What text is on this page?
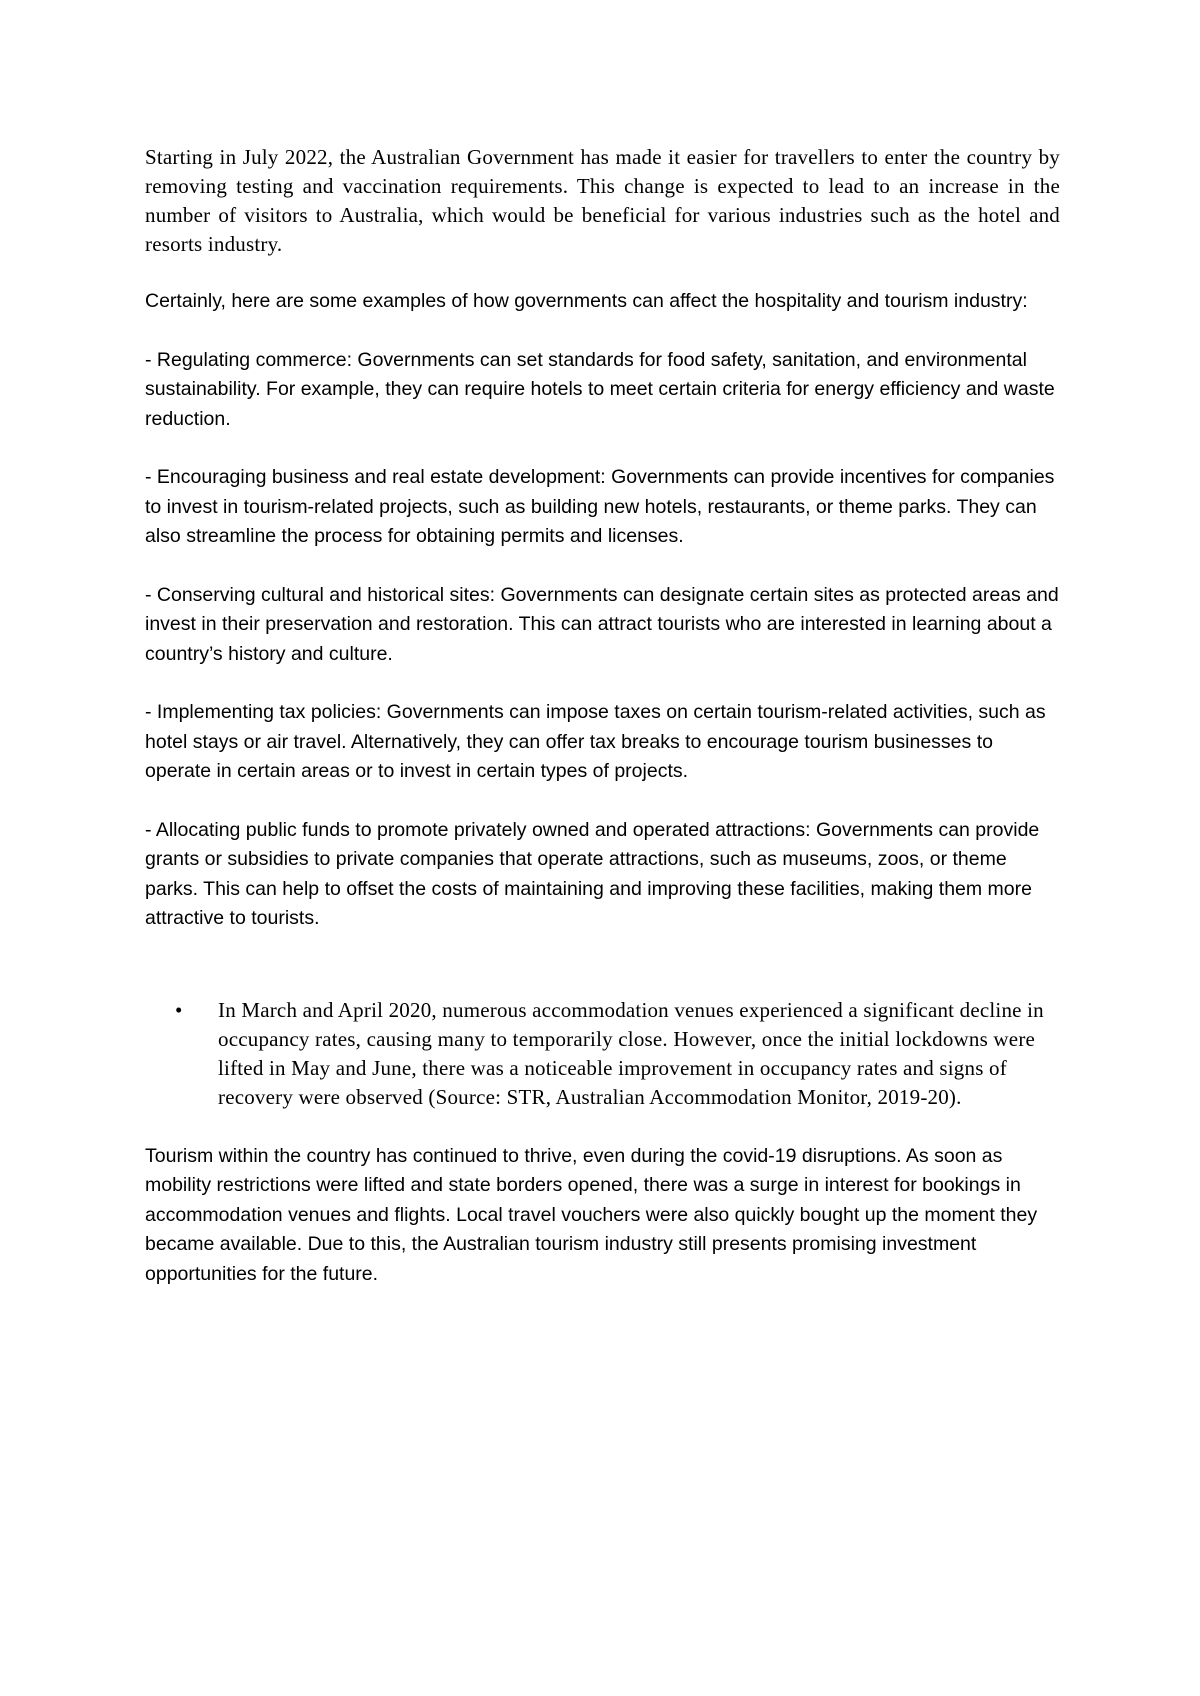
Starting in July 2022, the Australian Government has made it easier for travellers to enter the country by removing testing and vaccination requirements. This change is expected to lead to an increase in the number of visitors to Australia, which would be beneficial for various industries such as the hotel and resorts industry.

Certainly, here are some examples of how governments can affect the hospitality and tourism industry:

- Regulating commerce: Governments can set standards for food safety, sanitation, and environmental sustainability. For example, they can require hotels to meet certain criteria for energy efficiency and waste reduction.

- Encouraging business and real estate development: Governments can provide incentives for companies to invest in tourism-related projects, such as building new hotels, restaurants, or theme parks. They can also streamline the process for obtaining permits and licenses.

- Conserving cultural and historical sites: Governments can designate certain sites as protected areas and invest in their preservation and restoration. This can attract tourists who are interested in learning about a country’s history and culture.

- Implementing tax policies: Governments can impose taxes on certain tourism-related activities, such as hotel stays or air travel. Alternatively, they can offer tax breaks to encourage tourism businesses to operate in certain areas or to invest in certain types of projects.

- Allocating public funds to promote privately owned and operated attractions: Governments can provide grants or subsidies to private companies that operate attractions, such as museums, zoos, or theme parks. This can help to offset the costs of maintaining and improving these facilities, making them more attractive to tourists.

• In March and April 2020, numerous accommodation venues experienced a significant decline in occupancy rates, causing many to temporarily close. However, once the initial lockdowns were lifted in May and June, there was a noticeable improvement in occupancy rates and signs of recovery were observed (Source: STR, Australian Accommodation Monitor, 2019-20).

Tourism within the country has continued to thrive, even during the covid-19 disruptions. As soon as mobility restrictions were lifted and state borders opened, there was a surge in interest for bookings in accommodation venues and flights. Local travel vouchers were also quickly bought up the moment they became available. Due to this, the Australian tourism industry still presents promising investment opportunities for the future.
